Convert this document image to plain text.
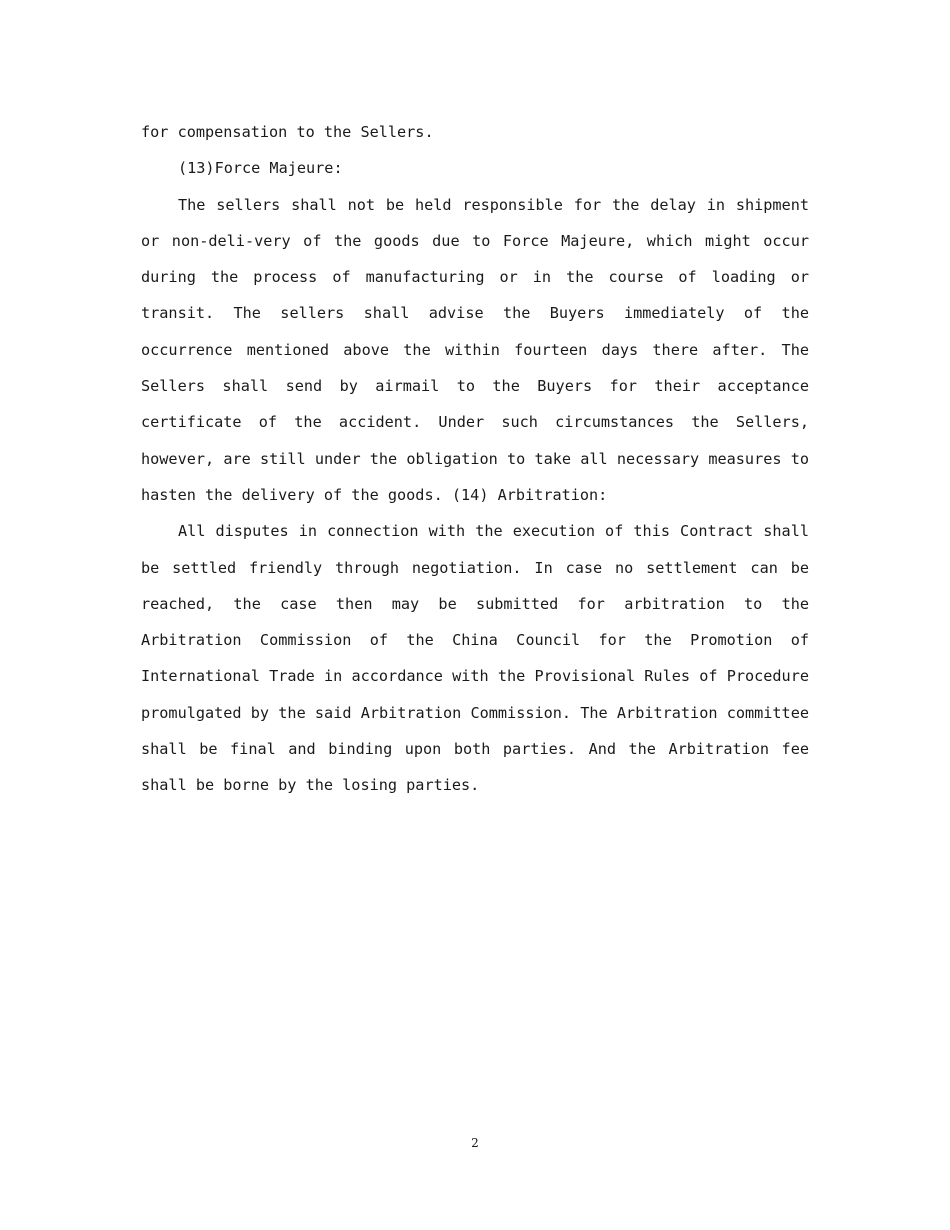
for compensation to the Sellers.

(13)Force Majeure:

The sellers shall not be held responsible for the delay in shipment or non-deli-very of the goods due to Force Majeure, which might occur during the process of manufacturing or in the course of loading or transit. The sellers shall advise the Buyers immediately of the occurrence mentioned above the within fourteen days there after. The Sellers shall send by airmail to the Buyers for their acceptance certificate of the accident. Under such circumstances the Sellers, however, are still under the obligation to take all necessary measures to hasten the delivery of the goods. (14) Arbitration:

All disputes in connection with the execution of this Contract shall be settled friendly through negotiation. In case no settlement can be reached, the case then may be submitted for arbitration to the Arbitration Commission of the China Council for the Promotion of International Trade in accordance with the Provisional Rules of Procedure promulgated by the said Arbitration Commission. The Arbitration committee shall be final and binding upon both parties. And the Arbitration fee shall be borne by the losing parties.

2
